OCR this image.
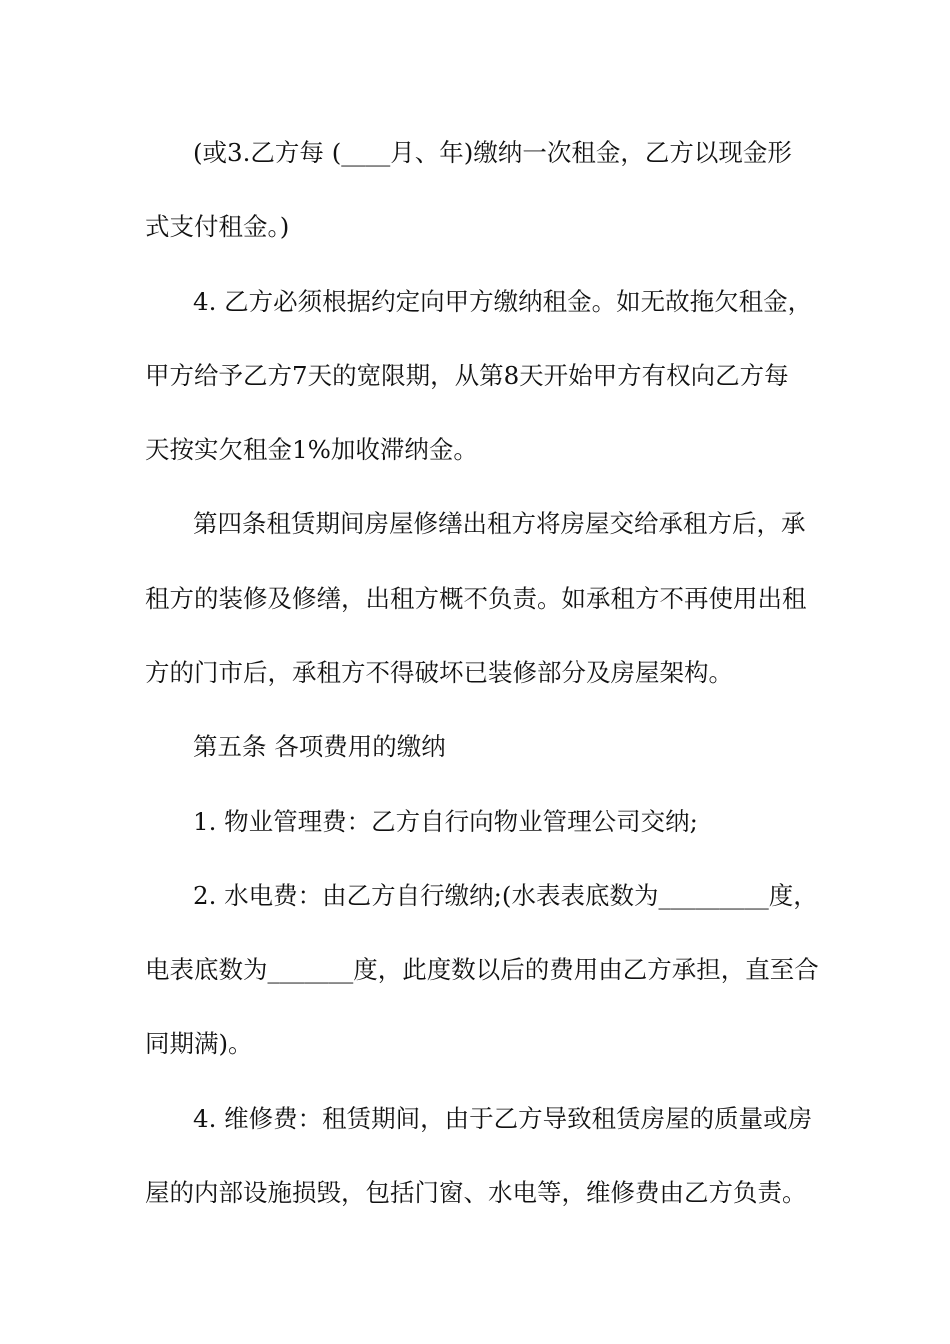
(或3.乙方每 (____月、年)缴纳一次租金，乙方以现金形
式支付租金。)
4. 乙方必须根据约定向甲方缴纳租金。如无故拖欠租金，
甲方给予乙方7天的宽限期，从第8天开始甲方有权向乙方每
天按实欠租金1%加收滞纳金。
第四条租赁期间房屋修缮出租方将房屋交给承租方后，承
租方的装修及修缮，出租方概不负责。如承租方不再使用出租
方的门市后，承租方不得破坏已装修部分及房屋架构。
第五条 各项费用的缴纳
1. 物业管理费：乙方自行向物业管理公司交纳;
2. 水电费：由乙方自行缴纳;(水表表底数为_________度，
电表底数为_______度，此度数以后的费用由乙方承担，直至合
同期满)。
4. 维修费：租赁期间，由于乙方导致租赁房屋的质量或房
屋的内部设施损毁，包括门窗、水电等，维修费由乙方负责。
